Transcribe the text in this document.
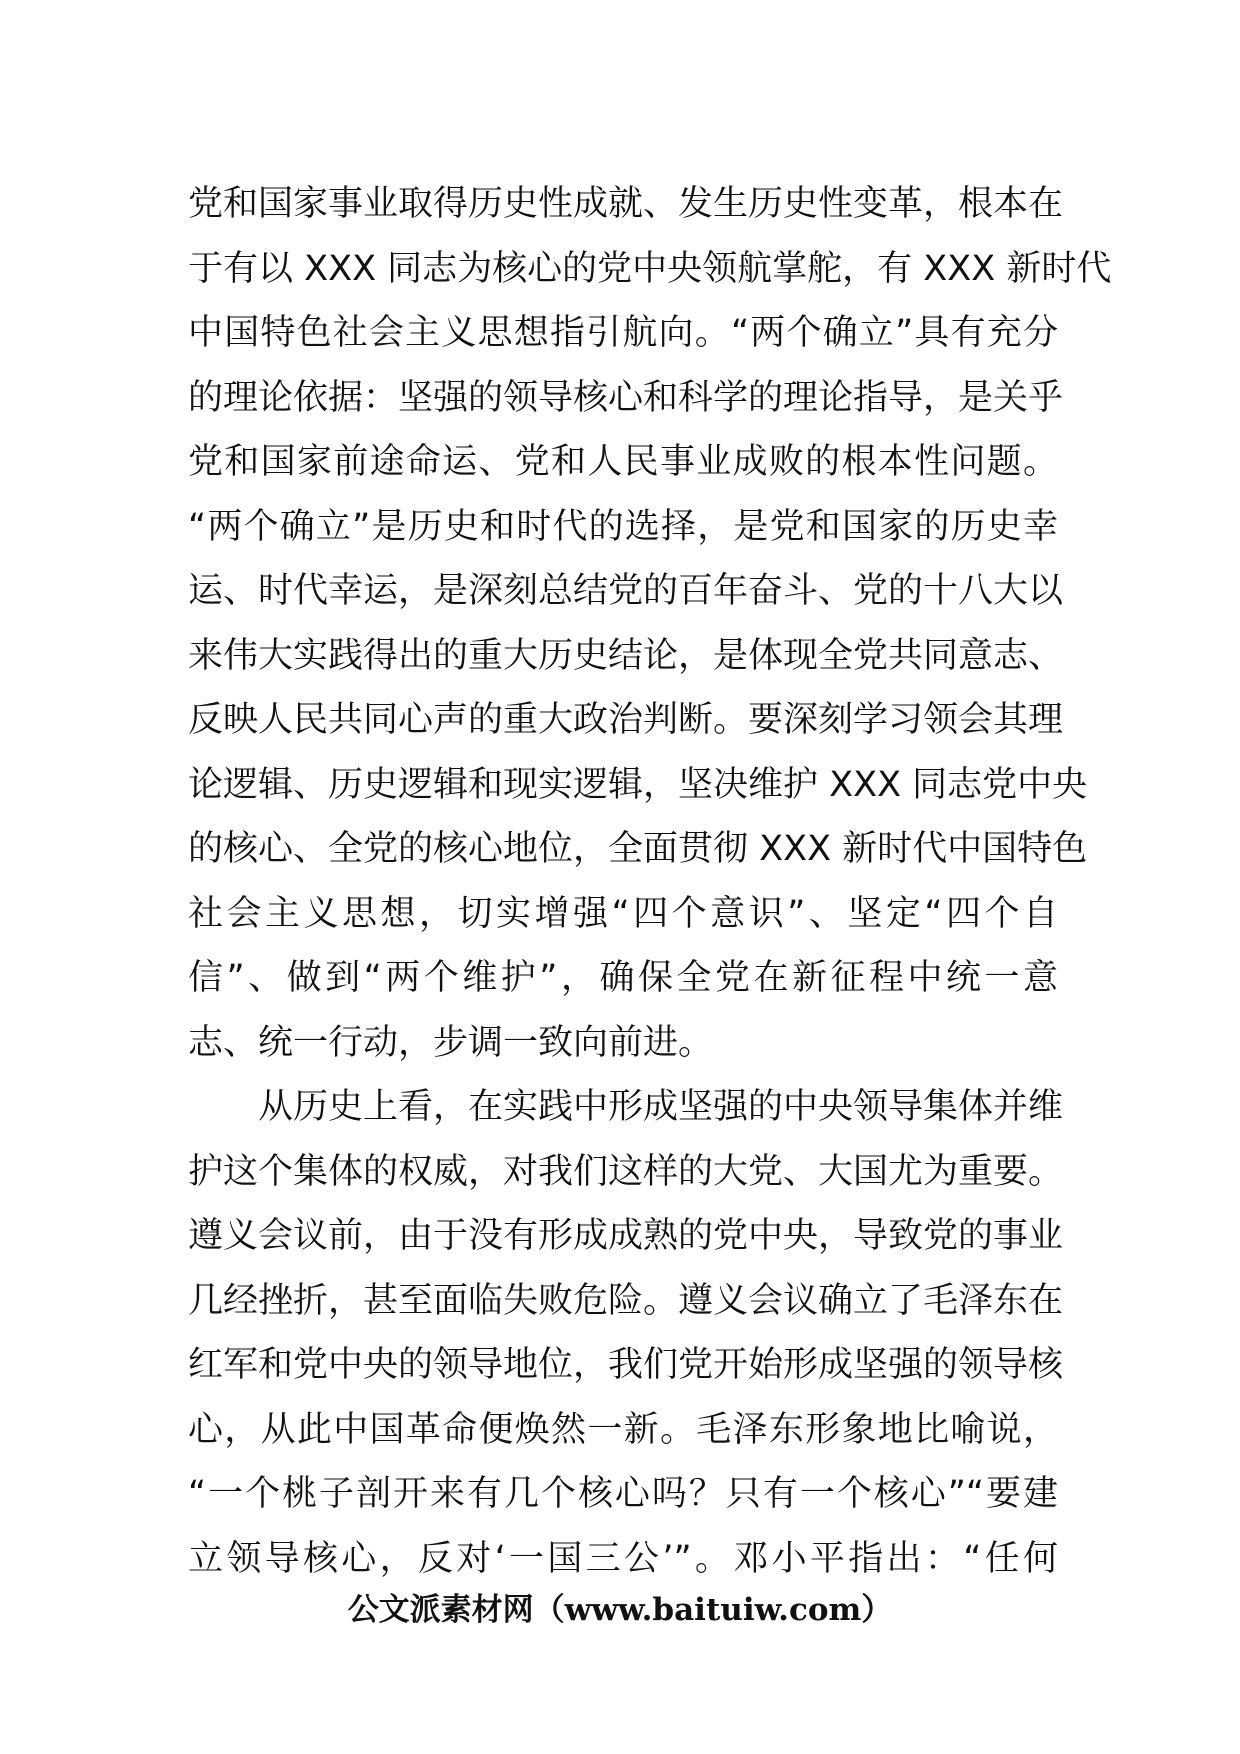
党和国家事业取得历史性成就、发生历史性变革，根本在
于有以 XXX 同志为核心的党中央领航掌舵，有 XXX 新时代
中国特色社会主义思想指引航向。“两个确立”具有充分
的理论依据：坚强的领导核心和科学的理论指导，是关乎
党和国家前途命运、党和人民事业成败的根本性问题。
“两个确立”是历史和时代的选择，是党和国家的历史幸
运、时代幸运，是深刻总结党的百年奋斗、党的十八大以
来伟大实践得出的重大历史结论，是体现全党共同意志、
反映人民共同心声的重大政治判断。要深刻学习领会其理
论逻辑、历史逻辑和现实逻辑，坚决维护 XXX 同志党中央
的核心、全党的核心地位，全面贯彻 XXX 新时代中国特色
社会主义思想，切实增强“四个意识”、坚定“四个自
信”、做到“两个维护”，确保全党在新征程中统一意
志、统一行动，步调一致向前进。
从历史上看，在实践中形成坚强的中央领导集体并维
护这个集体的权威，对我们这样的大党、大国尤为重要。
遵义会议前，由于没有形成成熟的党中央，导致党的事业
几经挫折，甚至面临失败危险。遵义会议确立了毛泽东在
红军和党中央的领导地位，我们党开始形成坚强的领导核
心，从此中国革命便焕然一新。毛泽东形象地比喻说，
“一个桃子剖开来有几个核心吗？只有一个核心”“要建
立领导核心，反对‘一国三公’”。邓小平指出：“任何
公文派素材网（www.baituiw.com）
